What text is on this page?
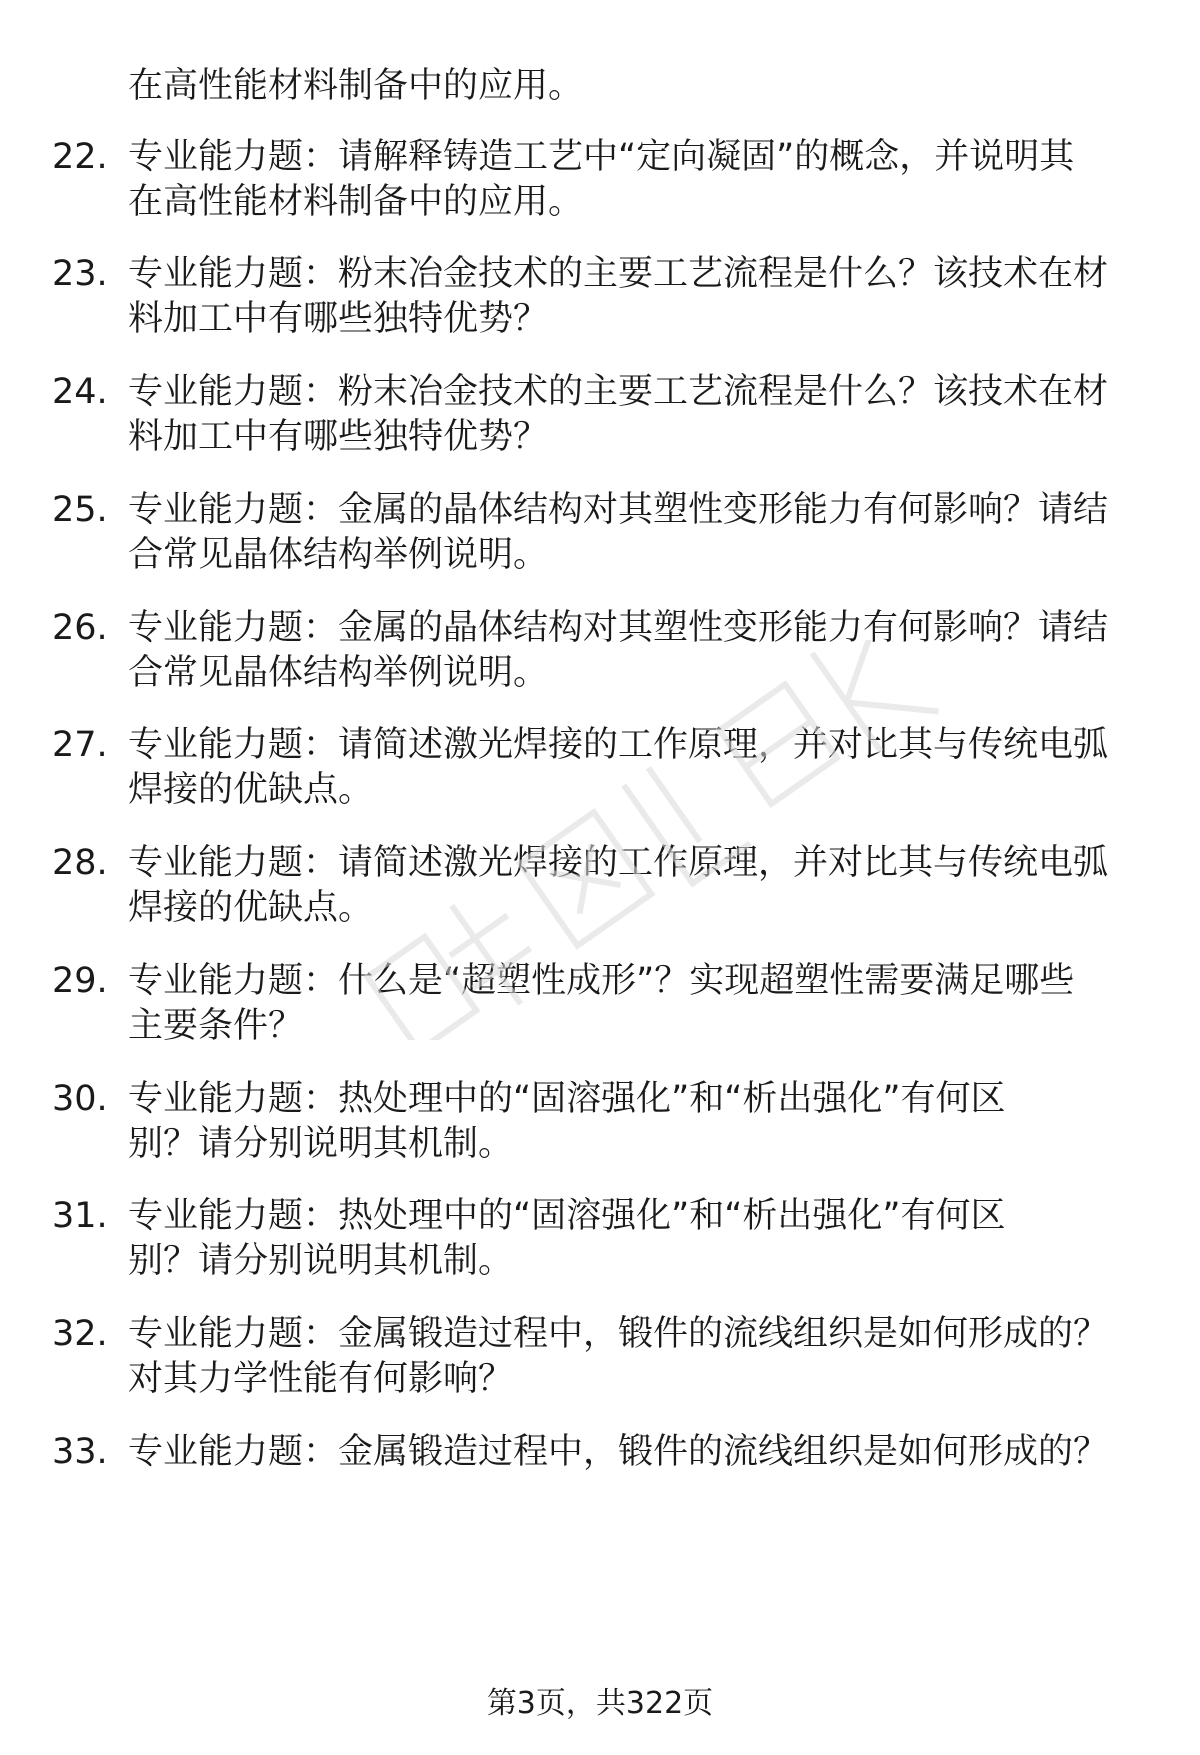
在高性能材料制备中的应用。
22. 专业能力题：请解释铸造工艺中“定向凝固”的概念，并说明其
在高性能材料制备中的应用。
23. 专业能力题：粉末冶金技术的主要工艺流程是什么？该技术在材
料加工中有哪些独特优势？
24. 专业能力题：粉末冶金技术的主要工艺流程是什么？该技术在材
料加工中有哪些独特优势？
25. 专业能力题：金属的晶体结构对其塑性变形能力有何影响？请结
合常见晶体结构举例说明。
26. 专业能力题：金属的晶体结构对其塑性变形能力有何影响？请结
合常见晶体结构举例说明。
27. 专业能力题：请简述激光焊接的工作原理，并对比其与传统电弧
焊接的优缺点。
28. 专业能力题：请简述激光焊接的工作原理，并对比其与传统电弧
焊接的优缺点。
29. 专业能力题：什么是“超塑性成形”？实现超塑性需要满足哪些
主要条件？
30. 专业能力题：热处理中的“固溶强化”和“析出强化”有何区
别？请分别说明其机制。
31. 专业能力题：热处理中的“固溶强化”和“析出强化”有何区
别？请分别说明其机制。
32. 专业能力题：金属锻造过程中，锻件的流线组织是如何形成的？
对其力学性能有何影响？
33. 专业能力题：金属锻造过程中，锻件的流线组织是如何形成的？
第3页，共322页
